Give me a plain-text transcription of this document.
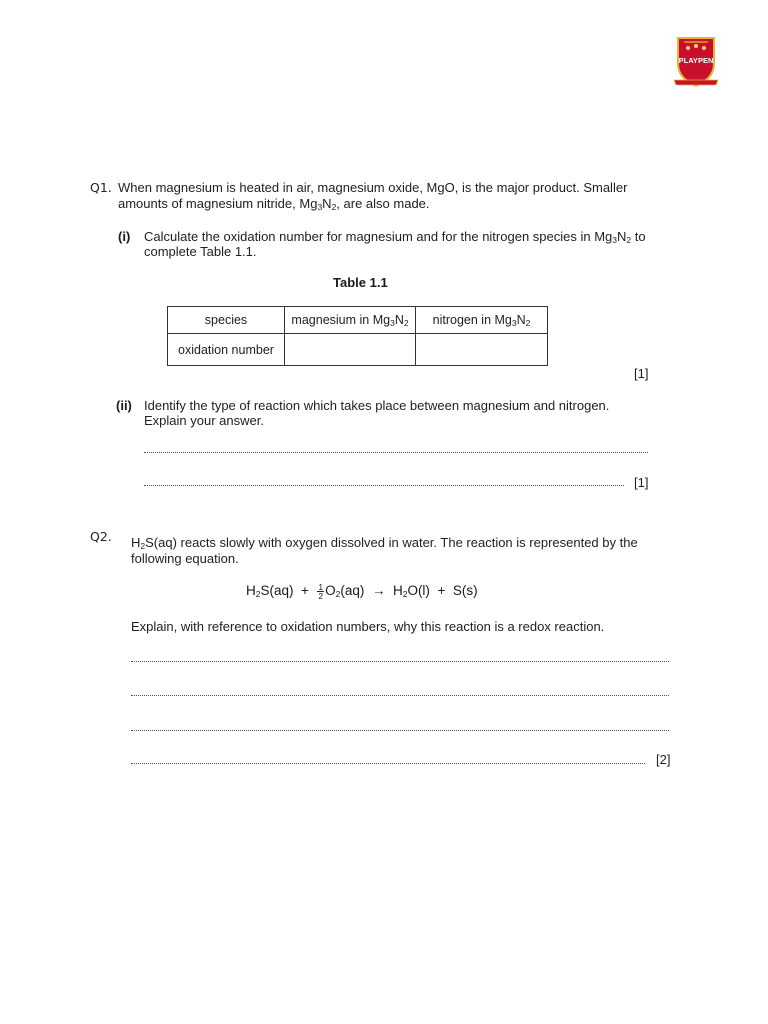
PLAYPEN
Q1. When magnesium is heated in air, magnesium oxide, MgO, is the major product. Smaller
amounts of magnesium nitride, $Mg_3N_2$, are also made.
(i) Calculate the oxidation number for magnesium and for the nitrogen species in $Mg_3N_2$ to
complete Table 1.1.
Table 1.1
species	magnesium in $Mg_3N_2$	nitrogen in $Mg_3N_2$
oxidation number		
[1]
(ii) Identify the type of reaction which takes place between magnesium and nitrogen.
Explain your answer.
[1]
Q2. $H_2S(aq)$ reacts slowly with oxygen dissolved in water. The reaction is represented by the
following equation.
$H_2S(aq) + \frac{1}{2} O_2(aq) \to H_2O(l) + S(s)$
Explain, with reference to oxidation numbers, why this reaction is a redox reaction.
[2]
